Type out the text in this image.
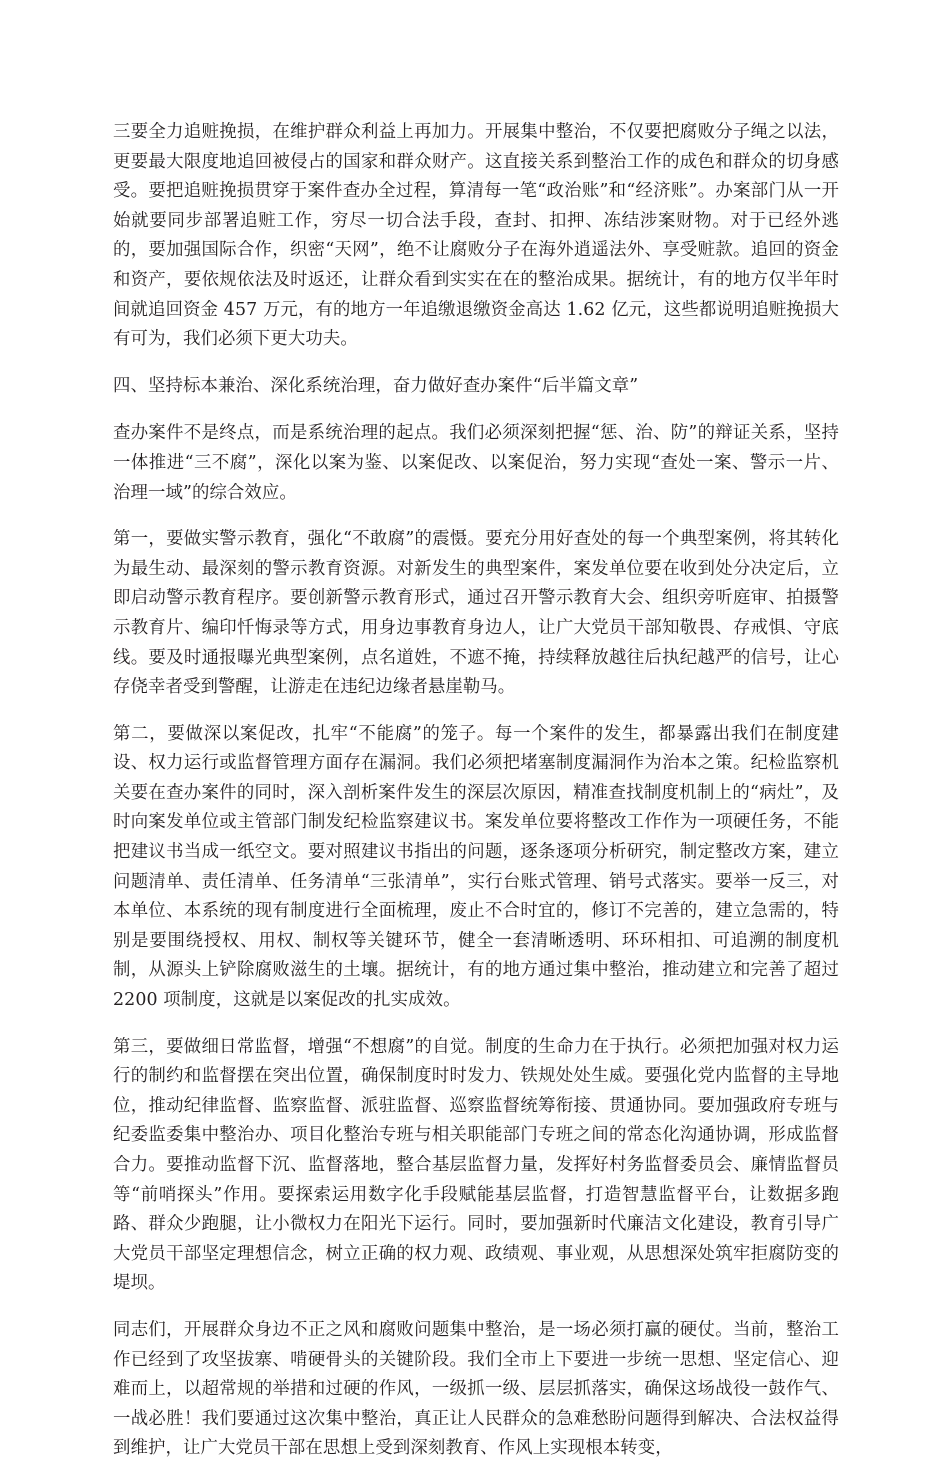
三要全力追赃挽损，在维护群众利益上再加力。开展集中整治，不仅要把腐败分子绳之以法，更要最大限度地追回被侵占的国家和群众财产。这直接关系到整治工作的成色和群众的切身感受。要把追赃挽损贯穿于案件查办全过程，算清每一笔“政治账”和“经济账”。办案部门从一开始就要同步部署追赃工作，穷尽一切合法手段，查封、扣押、冻结涉案财物。对于已经外逃的，要加强国际合作，织密“天网”，绝不让腐败分子在海外逍遥法外、享受赃款。追回的资金和资产，要依规依法及时返还，让群众看到实实在在的整治成果。据统计，有的地方仅半年时间就追回资金 457 万元，有的地方一年追缴退缴资金高达 1.62 亿元，这些都说明追赃挽损大有可为，我们必须下更大功夫。

四、坚持标本兼治、深化系统治理，奋力做好查办案件“后半篇文章”

查办案件不是终点，而是系统治理的起点。我们必须深刻把握“惩、治、防”的辩证关系，坚持一体推进“三不腐”，深化以案为鉴、以案促改、以案促治，努力实现“查处一案、警示一片、治理一域”的综合效应。

第一，要做实警示教育，强化“不敢腐”的震慑。要充分用好查处的每一个典型案例，将其转化为最生动、最深刻的警示教育资源。对新发生的典型案件，案发单位要在收到处分决定后，立即启动警示教育程序。要创新警示教育形式，通过召开警示教育大会、组织旁听庭审、拍摄警示教育片、编印忏悔录等方式，用身边事教育身边人，让广大党员干部知敬畏、存戒惧、守底线。要及时通报曝光典型案例，点名道姓，不遮不掩，持续释放越往后执纪越严的信号，让心存侥幸者受到警醒，让游走在违纪边缘者悬崖勒马。

第二，要做深以案促改，扎牢“不能腐”的笼子。每一个案件的发生，都暴露出我们在制度建设、权力运行或监督管理方面存在漏洞。我们必须把堵塞制度漏洞作为治本之策。纪检监察机关要在查办案件的同时，深入剖析案件发生的深层次原因，精准查找制度机制上的“病灶”，及时向案发单位或主管部门制发纪检监察建议书。案发单位要将整改工作作为一项硬任务，不能把建议书当成一纸空文。要对照建议书指出的问题，逐条逐项分析研究，制定整改方案，建立问题清单、责任清单、任务清单“三张清单”，实行台账式管理、销号式落实。要举一反三，对本单位、本系统的现有制度进行全面梳理，废止不合时宜的，修订不完善的，建立急需的，特别是要围绕授权、用权、制权等关键环节，健全一套清晰透明、环环相扣、可追溯的制度机制，从源头上铲除腐败滋生的土壤。据统计，有的地方通过集中整治，推动建立和完善了超过 2200 项制度，这就是以案促改的扎实成效。

第三，要做细日常监督，增强“不想腐”的自觉。制度的生命力在于执行。必须把加强对权力运行的制约和监督摆在突出位置，确保制度时时发力、铁规处处生威。要强化党内监督的主导地位，推动纪律监督、监察监督、派驻监督、巡察监督统筹衔接、贯通协同。要加强政府专班与纪委监委集中整治办、项目化整治专班与相关职能部门专班之间的常态化沟通协调，形成监督合力。要推动监督下沉、监督落地，整合基层监督力量，发挥好村务监督委员会、廉情监督员等“前哨探头”作用。要探索运用数字化手段赋能基层监督，打造智慧监督平台，让数据多跑路、群众少跑腿，让小微权力在阳光下运行。同时，要加强新时代廉洁文化建设，教育引导广大党员干部坚定理想信念，树立正确的权力观、政绩观、事业观，从思想深处筑牢拒腐防变的堤坝。

同志们，开展群众身边不正之风和腐败问题集中整治，是一场必须打赢的硬仗。当前，整治工作已经到了攻坚拔寨、啃硬骨头的关键阶段。我们全市上下要进一步统一思想、坚定信心、迎难而上，以超常规的举措和过硬的作风，一级抓一级、层层抓落实，确保这场战役一鼓作气、一战必胜！我们要通过这次集中整治，真正让人民群众的急难愁盼问题得到解决、合法权益得到维护，让广大党员干部在思想上受到深刻教育、作风上实现根本转变，
